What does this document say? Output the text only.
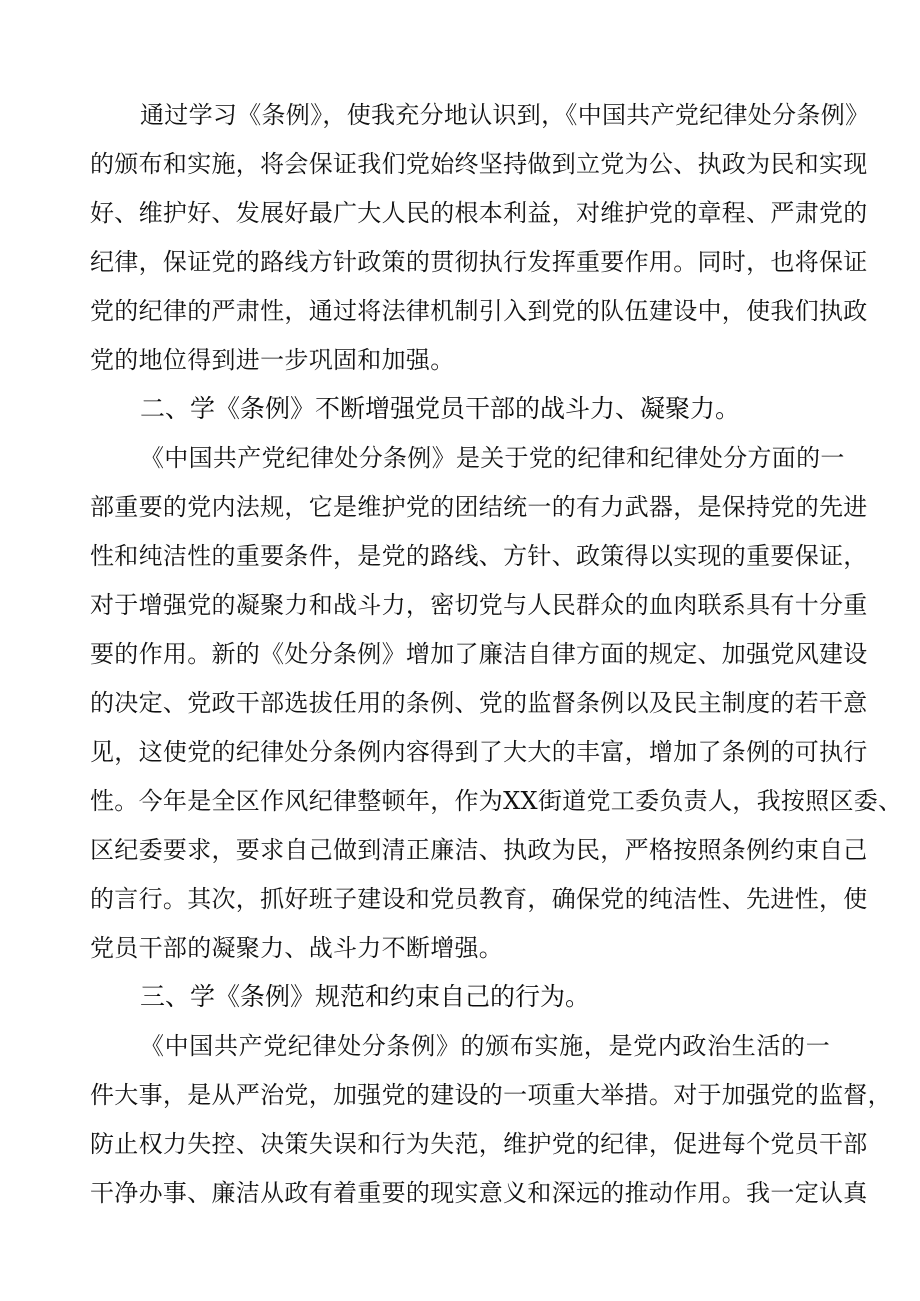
通过学习《条例》，使我充分地认识到，《中国共产党纪律处分条例》
的颁布和实施，将会保证我们党始终坚持做到立党为公、执政为民和实现
好、维护好、发展好最广大人民的根本利益，对维护党的章程、严肃党的
纪律，保证党的路线方针政策的贯彻执行发挥重要作用。同时，也将保证
党的纪律的严肃性，通过将法律机制引入到党的队伍建设中，使我们执政
党的地位得到进一步巩固和加强。
二、学《条例》不断增强党员干部的战斗力、凝聚力。
《中国共产党纪律处分条例》是关于党的纪律和纪律处分方面的一
部重要的党内法规，它是维护党的团结统一的有力武器，是保持党的先进
性和纯洁性的重要条件，是党的路线、方针、政策得以实现的重要保证，
对于增强党的凝聚力和战斗力，密切党与人民群众的血肉联系具有十分重
要的作用。新的《处分条例》增加了廉洁自律方面的规定、加强党风建设
的决定、党政干部选拔任用的条例、党的监督条例以及民主制度的若干意
见，这使党的纪律处分条例内容得到了大大的丰富，增加了条例的可执行
性。今年是全区作风纪律整顿年，作为XX街道党工委负责人，我按照区委、
区纪委要求，要求自己做到清正廉洁、执政为民，严格按照条例约束自己
的言行。其次，抓好班子建设和党员教育，确保党的纯洁性、先进性，使
党员干部的凝聚力、战斗力不断增强。
三、学《条例》规范和约束自己的行为。
《中国共产党纪律处分条例》的颁布实施，是党内政治生活的一
件大事，是从严治党，加强党的建设的一项重大举措。对于加强党的监督，
防止权力失控、决策失误和行为失范，维护党的纪律，促进每个党员干部
干净办事、廉洁从政有着重要的现实意义和深远的推动作用。我一定认真
